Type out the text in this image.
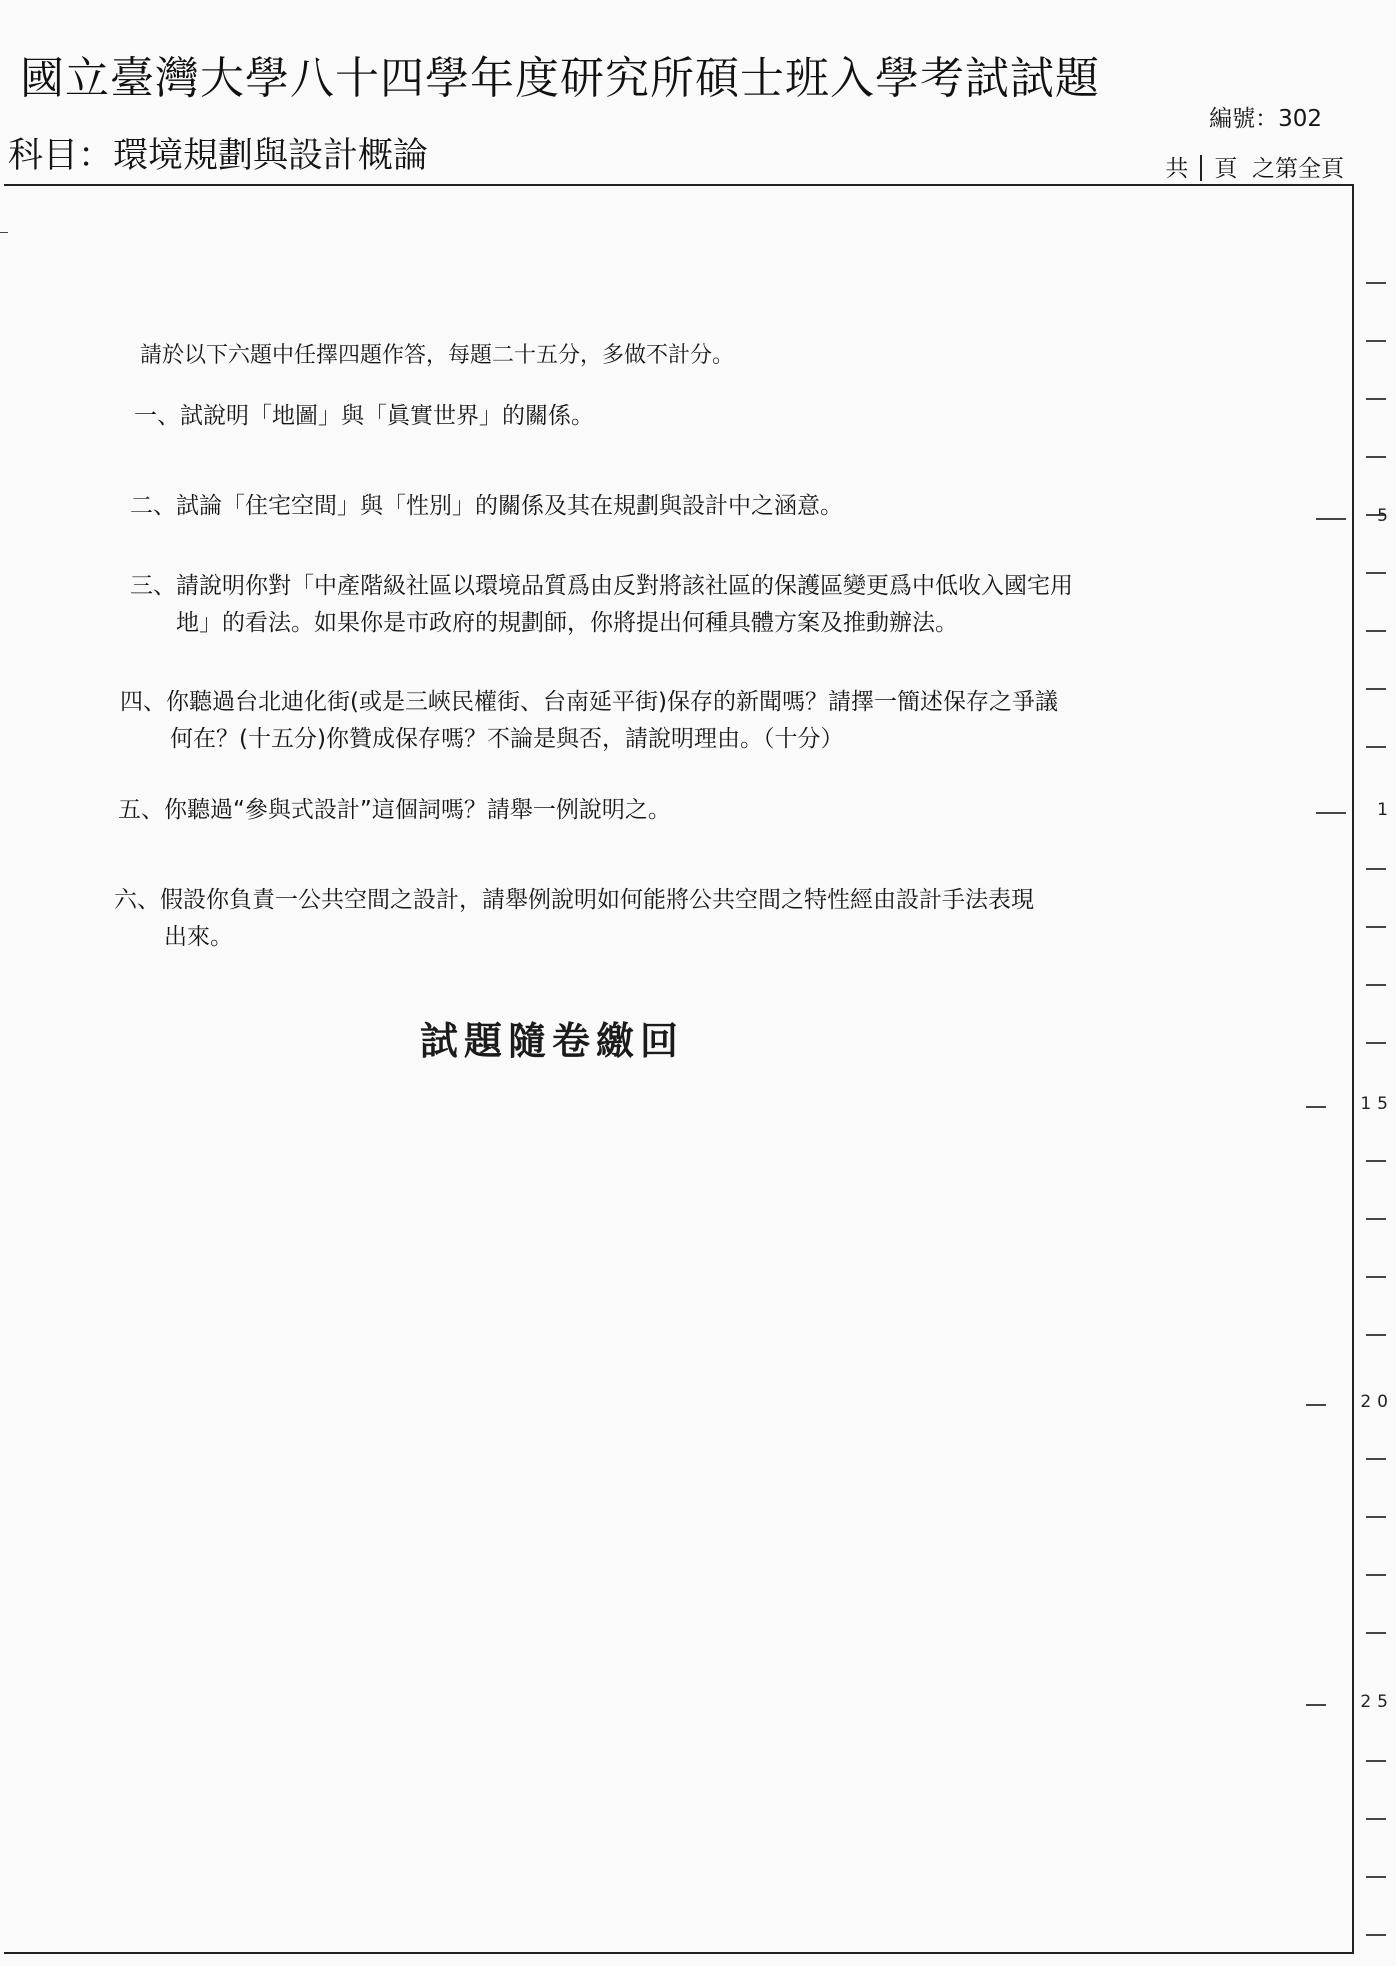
國立臺灣大學八十四學年度研究所碩士班入學考試試題
編號：302
科目：環境規劃與設計概論	共 頁 之第全頁
請於以下六題中任擇四題作答，每題二十五分，多做不計分。
一、試說明「地圖」與「眞實世界」的關係。
二、試論「住宅空間」與「性別」的關係及其在規劃與設計中之涵意。
三、請說明你對「中產階級社區以環境品質爲由反對將該社區的保護區變更爲中低收入國宅用
地」的看法。如果你是市政府的規劃師，你將提出何種具體方案及推動辦法。
四、你聽過台北迪化街(或是三峽民權街、台南延平街)保存的新聞嗎？請擇一簡述保存之爭議
何在？(十五分)你贊成保存嗎？不論是與否，請說明理由。（十分）
五、你聽過“參與式設計”這個詞嗎？請舉一例說明之。
六、假設你負責一公共空間之設計，請舉例說明如何能將公共空間之特性經由設計手法表現
出來。
試題隨卷繳回
5
1
15
20
25
